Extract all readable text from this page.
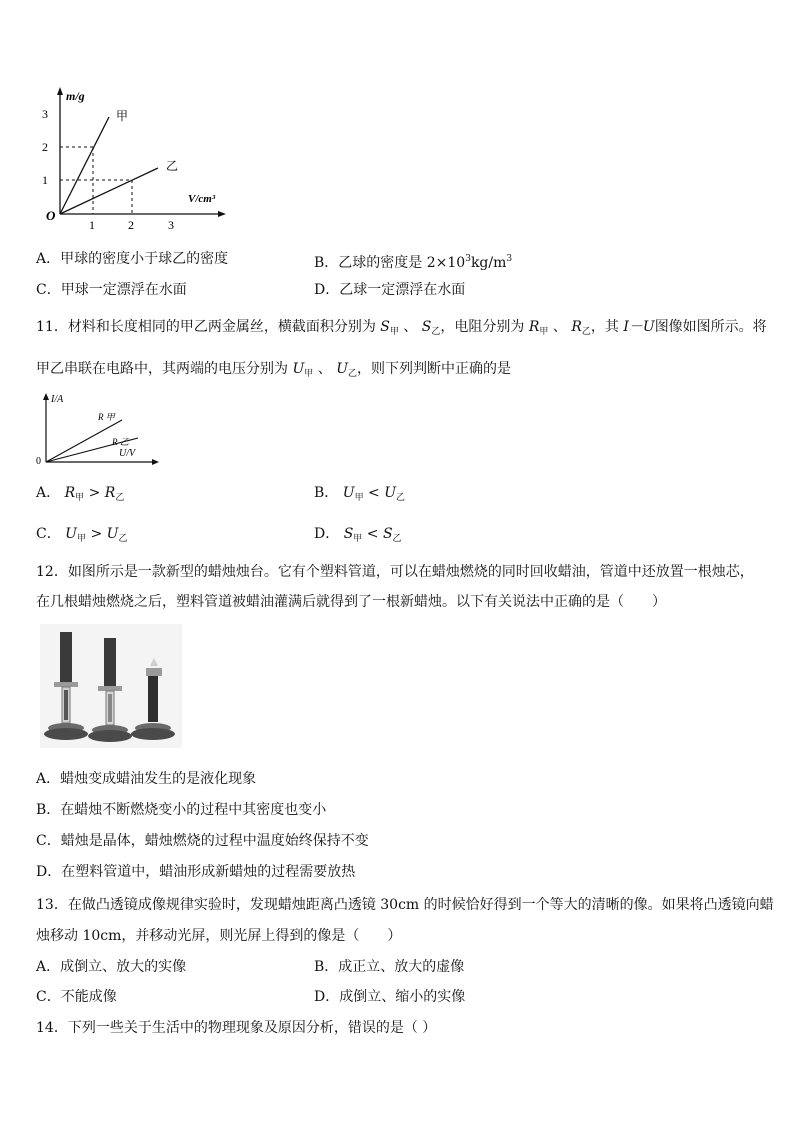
m/g
V/cm³
O
3
2
1
1	2	3
甲
乙
A．甲球的密度小于球乙的密度	B．乙球的密度是 $2\times 10^3kg/m^3$
C．甲球一定漂浮在水面	D．乙球一定漂浮在水面
11．材料和长度相同的甲乙两金属丝，横截面积分别为 $S_甲$ 、 $S_乙$，电阻分别为 $R_甲$ 、 $R_乙$，其 I－U图像如图所示。将
甲乙串联在电路中，其两端的电压分别为 $U_甲$ 、 $U_乙$，则下列判断中正确的是
I/A
U/V
0
R 甲
R 乙
A． $R_甲 > R_乙$	B． $U_甲 < U_乙$
C． $U_甲 > U_乙$	D． $S_甲 < S_乙$
12．如图所示是一款新型的蜡烛烛台。它有个塑料管道，可以在蜡烛燃烧的同时回收蜡油，管道中还放置一根烛芯，
在几根蜡烛燃烧之后，塑料管道被蜡油灌满后就得到了一根新蜡烛。以下有关说法中正确的是（　　）
A．蜡烛变成蜡油发生的是液化现象
B．在蜡烛不断燃烧变小的过程中其密度也变小
C．蜡烛是晶体，蜡烛燃烧的过程中温度始终保持不变
D．在塑料管道中，蜡油形成新蜡烛的过程需要放热
13．在做凸透镜成像规律实验时，发现蜡烛距离凸透镜 30cm 的时候恰好得到一个等大的清晰的像。如果将凸透镜向蜡
烛移动 10cm，并移动光屏，则光屏上得到的像是（　　）
A．成倒立、放大的实像	B．成正立、放大的虚像
C．不能成像	D．成倒立、缩小的实像
14．下列一些关于生活中的物理现象及原因分析，错误的是（ ）
